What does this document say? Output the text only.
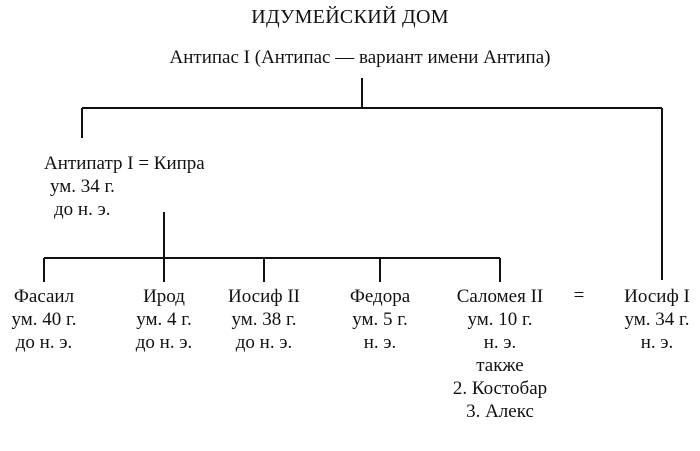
ИДУМЕЙСКИЙ ДОМ
Антипас I (Антипас — вариант имени Антипа)
Антипатр I = Кипра
ум. 34 г.
до н. э.
Фасаил
ум. 40 г.
до н. э.
Ирод
ум. 4 г.
до н. э.
Иосиф II
ум. 38 г.
до н. э.
Федора
ум. 5 г.
н. э.
Саломея II
ум. 10 г.
н. э.
также
2. Костобар
3. Алекс
=	Иосиф I
ум. 34 г.
н. э.
